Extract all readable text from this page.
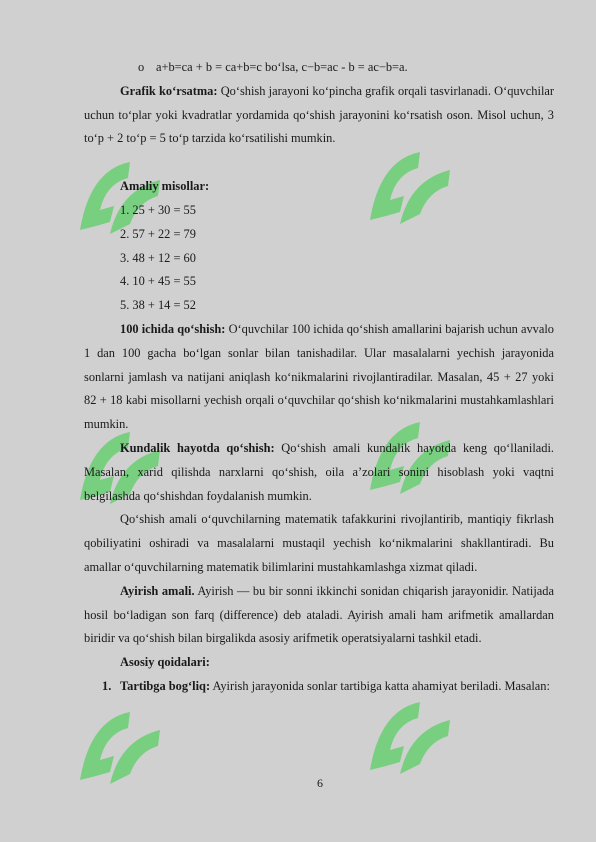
o a+b=ca + b = ca+b=c bo‘lsa, c−b=ac - b = ac−b=a.

Grafik ko‘rsatma: Qo‘shish jarayoni ko‘pincha grafik orqali tasvirlanadi. O‘quvchilar uchun to‘plar yoki kvadratlar yordamida qo‘shish jarayonini ko‘rsatish oson. Misol uchun, 3 to‘p + 2 to‘p = 5 to‘p tarzida ko‘rsatilishi mumkin.

Amaliy misollar:

1. 25 + 30 = 55

2. 57 + 22 = 79

3. 48 + 12 = 60

4. 10 + 45 = 55

5. 38 + 14 = 52

100 ichida qo‘shish: O‘quvchilar 100 ichida qo‘shish amallarini bajarish uchun avvalo 1 dan 100 gacha bo‘lgan sonlar bilan tanishadilar. Ular masalalarni yechish jarayonida sonlarni jamlash va natijani aniqlash ko‘nikmalarini rivojlantiradilar. Masalan, 45 + 27 yoki 82 + 18 kabi misollarni yechish orqali o‘quvchilar qo‘shish ko‘nikmalarini mustahkamlashlari mumkin.

Kundalik hayotda qo‘shish: Qo‘shish amali kundalik hayotda keng qo‘llaniladi. Masalan, xarid qilishda narxlarni qo‘shish, oila a’zolari sonini hisoblash yoki vaqtni belgilashda qo‘shishdan foydalanish mumkin.

Qo‘shish amali o‘quvchilarning matematik tafakkurini rivojlantirib, mantiqiy fikrlash qobiliyatini oshiradi va masalalarni mustaqil yechish ko‘nikmalarini shakllantiradi. Bu amallar o‘quvchilarning matematik bilimlarini mustahkamlashga xizmat qiladi.

Ayirish amali. Ayirish — bu bir sonni ikkinchi sonidan chiqarish jarayonidir. Natijada hosil bo‘ladigan son farq (difference) deb ataladi. Ayirish amali ham arifmetik amallardan biridir va qo‘shish bilan birgalikda asosiy arifmetik operatsiyalarni tashkil etadi.

Asosiy qoidalari:

1. Tartibga bog‘liq: Ayirish jarayonida sonlar tartibiga katta ahamiyat beriladi. Masalan:

6
